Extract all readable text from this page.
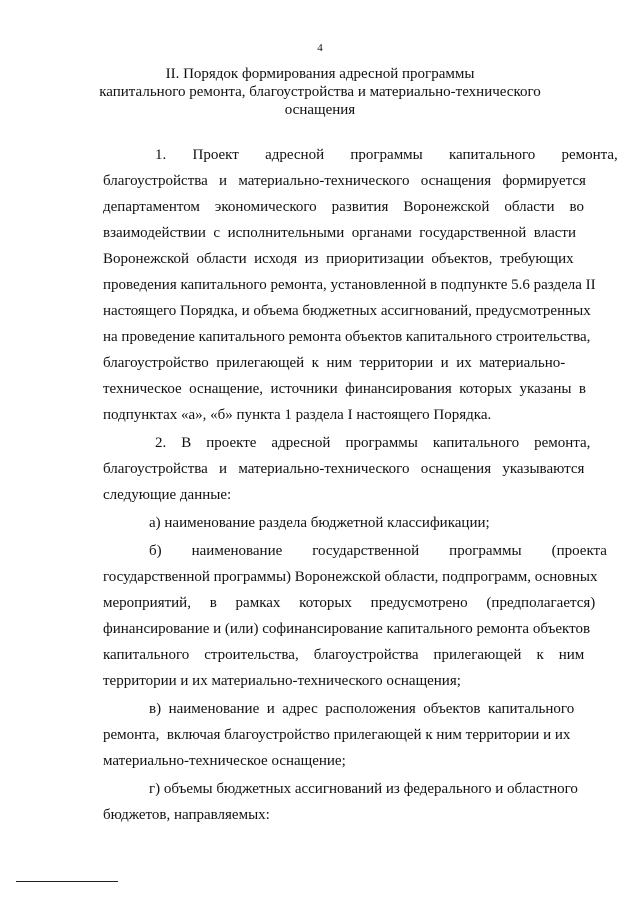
4
II. Порядок формирования адресной программы
капитального ремонта, благоустройства и материально-технического
оснащения
1.       Проект       адресной       программы       капитального       ремонта,
благоустройства   и   материально-технического   оснащения   формируется
департаментом    экономического    развития    Воронежской    области    во
взаимодействии  с  исполнительными  органами  государственной  власти
Воронежской  области  исходя  из  приоритизации  объектов,  требующих
проведения капитального ремонта, установленной в подпункте 5.6 раздела II
настоящего Порядка, и объема бюджетных ассигнований, предусмотренных
на проведение капитального ремонта объектов капитального строительства,
благоустройство  прилегающей  к  ним  территории  и  их  материально-
техническое  оснащение,  источники  финансирования  которых  указаны  в
подпунктах «а», «б» пункта 1 раздела I настоящего Порядка.
2.    В    проекте    адресной    программы    капитального    ремонта,
благоустройства   и   материально-технического   оснащения   указываются
следующие данные:
а) наименование раздела бюджетной классификации;
б)        наименование        государственной        программы        (проекта
государственной программы) Воронежской области, подпрограмм, основных
мероприятий,     в     рамках     которых     предусмотрено     (предполагается)
финансирование и (или) софинансирование капитального ремонта объектов
капитального    строительства,    благоустройства    прилегающей    к    ним
территории и их материально-технического оснащения;
в)  наименование  и  адрес  расположения  объектов  капитального
ремонта,  включая благоустройство прилегающей к ним территории и их
материально-техническое оснащение;
г) объемы бюджетных ассигнований из федерального и областного
бюджетов, направляемых:
